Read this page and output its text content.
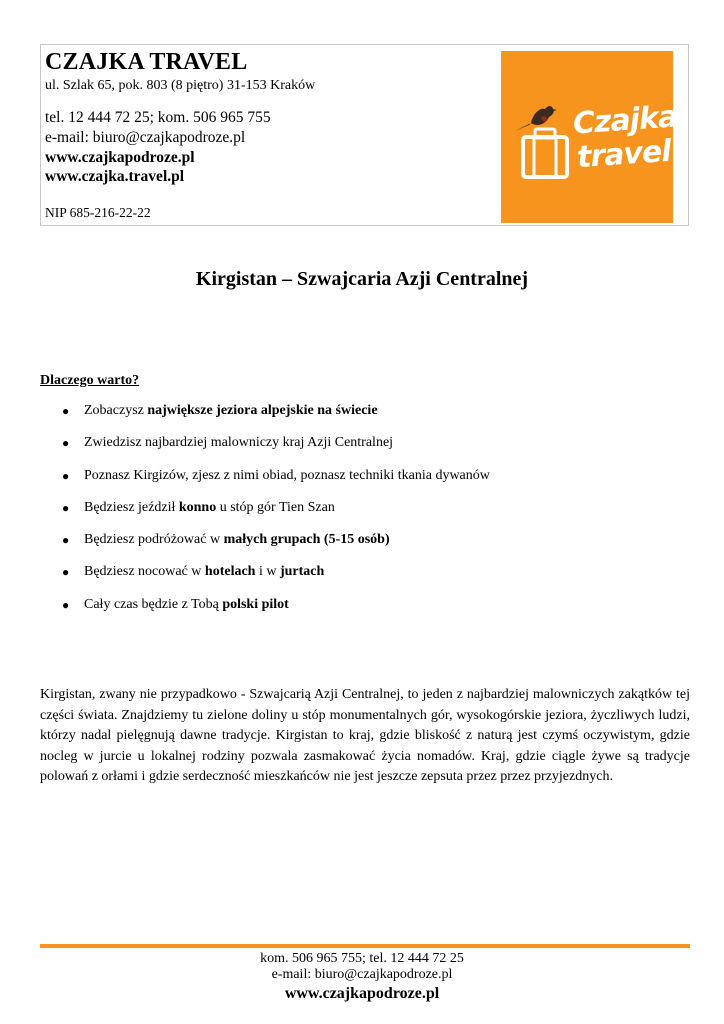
CZAJKA TRAVEL
ul. Szlak 65, pok. 803 (8 piętro) 31-153 Kraków
tel. 12 444 72 25; kom. 506 965 755
e-mail: biuro@czajkapodroze.pl
www.czajkapodroze.pl
www.czajka.travel.pl
NIP 685-216-22-22
Czajka
travel
Kirgistan – Szwajcaria Azji Centralnej
Dlaczego warto?
● Zobaczysz największe jeziora alpejskie na świecie
● Zwiedzisz najbardziej malowniczy kraj Azji Centralnej
● Poznasz Kirgizów, zjesz z nimi obiad, poznasz techniki tkania dywanów
● Będziesz jeździł konno u stóp gór Tien Szan
● Będziesz podróżować w małych grupach (5-15 osób)
● Będziesz nocować w hotelach i w jurtach
● Cały czas będzie z Tobą polski pilot

Kirgistan, zwany nie przypadkowo - Szwajcarią Azji Centralnej, to jeden z najbardziej malowniczych zakątków tej części świata. Znajdziemy tu zielone doliny u stóp monumentalnych gór, wysokogórskie jeziora, życzliwych ludzi, którzy nadal pielęgnują dawne tradycje. Kirgistan to kraj, gdzie bliskość z naturą jest czymś oczywistym, gdzie nocleg w jurcie u lokalnej rodziny pozwala zasmakować życia nomadów. Kraj, gdzie ciągle żywe są tradycje polowań z orłami i gdzie serdeczność mieszkańców nie jest jeszcze zepsuta przez przez przyjezdnych.

kom. 506 965 755; tel. 12 444 72 25
e-mail: biuro@czajkapodroze.pl
www.czajkapodroze.pl
